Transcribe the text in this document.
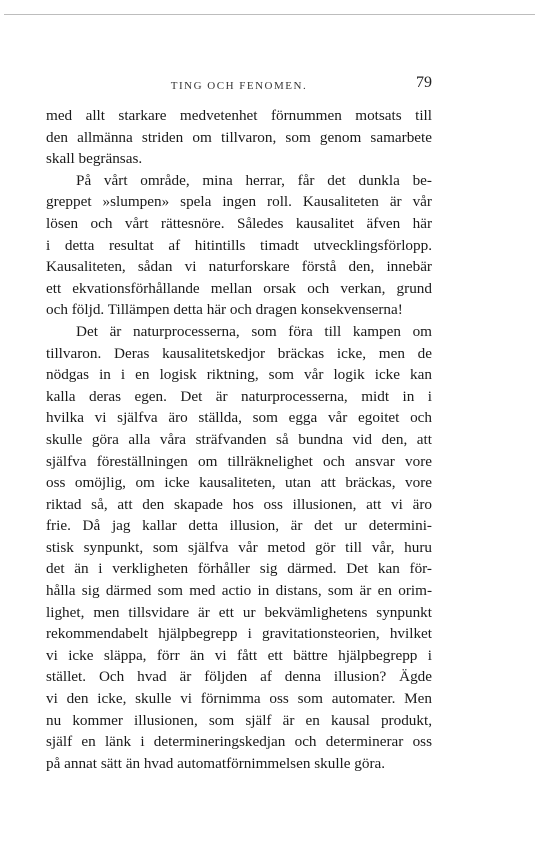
TING OCH FENOMEN.	79
med allt starkare medvetenhet förnummen motsats till
den allmänna striden om tillvaron, som genom samarbete
skall begränsas.
På vårt område, mina herrar, får det dunkla be-
greppet »slumpen» spela ingen roll. Kausaliteten är vår
lösen och vårt rättesnöre. Således kausalitet äfven här
i detta resultat af hitintills timadt utvecklingsförlopp.
Kausaliteten, sådan vi naturforskare förstå den, innebär
ett ekvationsförhållande mellan orsak och verkan, grund
och följd. Tillämpen detta här och dragen konsekvenserna!
Det är naturprocesserna, som föra till kampen om
tillvaron. Deras kausalitetskedjor bräckas icke, men de
nödgas in i en logisk riktning, som vår logik icke kan
kalla deras egen. Det är naturprocesserna, midt in i
hvilka vi själfva äro ställda, som egga vår egoitet och
skulle göra alla våra sträfvanden så bundna vid den, att
själfva föreställningen om tillräknelighet och ansvar vore
oss omöjlig, om icke kausaliteten, utan att bräckas, vore
riktad så, att den skapade hos oss illusionen, att vi äro
frie. Då jag kallar detta illusion, är det ur determini-
stisk synpunkt, som själfva vår metod gör till vår, huru
det än i verkligheten förhåller sig därmed. Det kan för-
hålla sig därmed som med actio in distans, som är en orim-
lighet, men tillsvidare är ett ur bekvämlighetens synpunkt
rekommendabelt hjälpbegrepp i gravitationsteorien, hvilket
vi icke släppa, förr än vi fått ett bättre hjälpbegrepp i
stället. Och hvad är följden af denna illusion? Ägde
vi den icke, skulle vi förnimma oss som automater. Men
nu kommer illusionen, som själf är en kausal produkt,
själf en länk i determineringskedjan och determinerar oss
på annat sätt än hvad automatförnimmelsen skulle göra.
